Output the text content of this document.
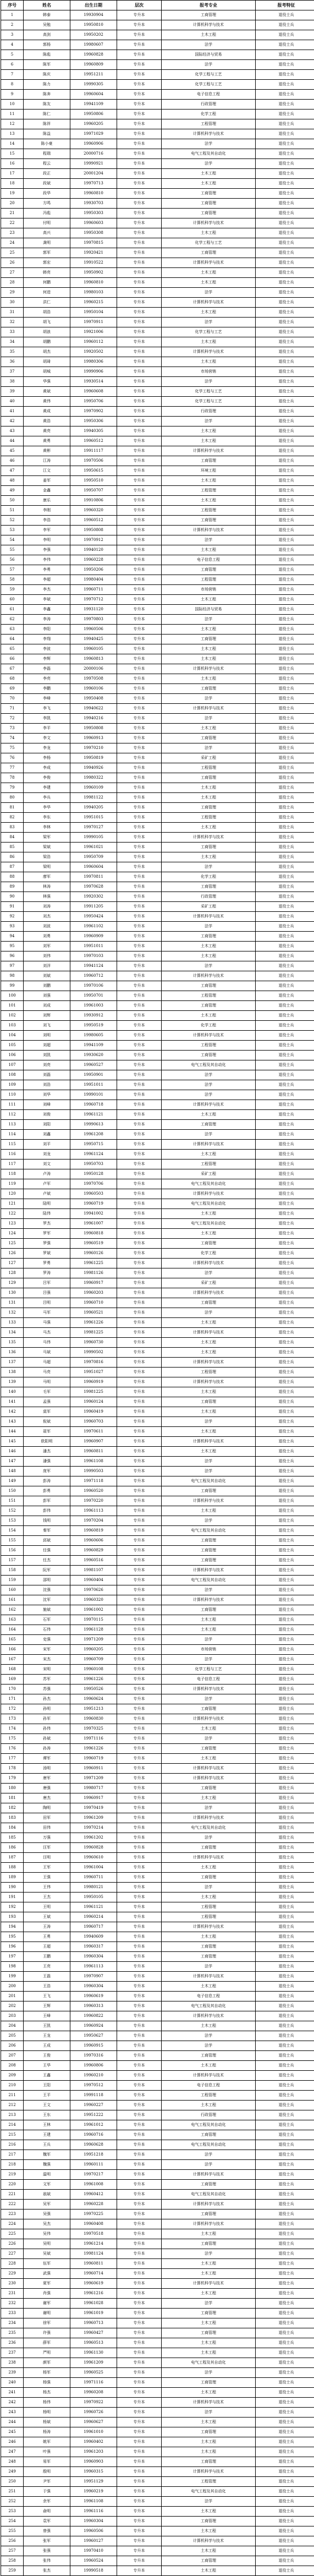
序号	姓名	出生日期	层次	报考专业	报考特征
1	韩泰	19930904	专升本	工商管理	退役士兵
2	吴勉	19950810	专升本	计算机科学与技术	退役士兵
3	高剑	19950202	专升本	土木工程	退役士兵
4	郭杨	19980607	专升本	法学	退役士兵
5	陈彪	19960828	专升本	国际经济与贸易	退役士兵
6	陈军	19960809	专升本	法学	退役士兵
7	陈庆	19951211	专升本	化学工程与工艺	退役士兵
8	陈力	19990305	专升本	化学工程与工艺	退役士兵
9	陈奔	19960604	专升本	电子信息工程	退役士兵
10	陈友	19941109	专升本	行政管理	退役士兵
11	陈仁	19950806	专升本	化学工程	退役士兵
12	陈祥	19960205	专升本	工程管理	退役士兵
13	陈益	19971029	专升本	计算机科学与技术	退役士兵
14	陈小豪	19960906	专升本	法学	退役士兵
15	程瑞	20000716	专升本	电气工程及其自动化	退役士兵
16	程云	19990921	专升本	法学	退役士兵
17	段正	20001204	专升本	土木工程	退役士兵
18	段斌	19970713	专升本	土木工程	退役士兵
19	段华	19960810	专升本	工商管理	退役士兵
20	方鸣	19930703	专升本	工商管理	退役士兵
21	冯彪	19950303	专升本	工商管理	退役士兵
22	付明	19960603	专升本	计算机科学与技术	退役士兵
23	高兴	19950308	专升本	土木工程	退役士兵
24	龚明	19970815	专升本	化学工程与工艺	退役士兵
25	郭军	19920421	专升本	工商管理	退役士兵
26	郭宏	19910522	专升本	计算机科学与技术	退役士兵
27	韩亮	19950902	专升本	土木工程	退役士兵
28	何鹏	19960810	专升本	土木工程	退役士兵
29	何进	19980103	专升本	法学	退役士兵
30	洪仁	19960215	专升本	计算机科学与技术	退役士兵
31	胡浩	19950104	专升本	土木工程	退役士兵
32	胡飞	19970911	专升本	法学	退役士兵
33	胡浪	19921006	专升本	化学工程与工艺	退役士兵
34	胡鹏	19960112	专升本	土木工程	退役士兵
35	胡杰	19920502	专升本	计算机科学与技术	退役士兵
36	胡琦	19980306	专升本	土木工程	退役士兵
37	胡城	19990906	专升本	市场营销	退役士兵
38	华强	19930514	专升本	法学	退役士兵
39	黄斌	19960608	专升本	化学工程与工艺	退役士兵
40	黄伟	19950706	专升本	化学工程与工艺	退役士兵
41	黄成	19970902	专升本	行政管理	退役士兵
42	黄浩	19950306	专升本	法学	退役士兵
43	黄亮	19940305	专升本	土木工程	退役士兵
44	黄勇	19960512	专升本	土木工程	退役士兵
45	黄彬	19911117	专升本	计算机科学与技术	退役士兵
46	江涛	19970506	专升本	工商管理	退役士兵
47	江文	19950615	专升本	环境工程	退役士兵
48	姜军	19950510	专升本	土木工程	退役士兵
49	金鑫	19950707	专升本	工程管理	退役士兵
50	康乐	19910806	专升本	土木工程	退役士兵
51	李刚	19960320	专升本	工程管理	退役士兵
52	李浩	19960512	专升本	工商管理	退役士兵
53	李军	19950808	专升本	计算机科学与技术	退役士兵
54	李明	19970912	专升本	法学	退役士兵
55	李强	19940120	专升本	土木工程	退役士兵
56	李伟	19960228	专升本	电子信息工程	退役士兵
57	李勇	19950206	专升本	工商管理	退役士兵
58	李超	19980404	专升本	工程管理	退役士兵
59	李杰	19960711	专升本	市场营销	退役士兵
60	李斌	19970712	专升本	土木工程	退役士兵
61	李鑫	19931120	专升本	国际经济与贸易	退役士兵
62	李涛	19970803	专升本	法学	退役士兵
63	李阳	19960506	专升本	土木工程	退役士兵
64	李翔	19940425	专升本	工商管理	退役士兵
65	李波	19960105	专升本	土木工程	退役士兵
66	李辉	19960813	专升本	土木工程	退役士兵
67	李磊	20000106	专升本	计算机科学与技术	退役士兵
68	李亮	19970508	专升本	土木工程	退役士兵
69	李鹏	19960106	专升本	工商管理	退役士兵
70	李峰	19950408	专升本	法学	退役士兵
71	李飞	19940622	专升本	计算机科学与技术	退役士兵
72	李凯	19940216	专升本	法学	退役士兵
73	李平	19950808	专升本	土木工程	退役士兵
74	李文	19960913	专升本	工商管理	退役士兵
75	李龙	19970210	专升本	法学	退役士兵
76	李杨	19950819	专升本	采矿工程	退役士兵
77	李成	19940926	专升本	工程管理	退役士兵
78	李俊	19980322	专升本	工商管理	退役士兵
79	李建	19960109	专升本	土木工程	退役士兵
80	李兵	19981122	专升本	土木工程	退役士兵
81	李华	19940205	专升本	工商管理	退役士兵
82	李东	19951015	专升本	工程管理	退役士兵
83	李林	19970127	专升本	土木工程	退役士兵
84	梁军	19990105	专升本	计算机科学与技术	退役士兵
85	梁斌	19961021	专升本	工商管理	退役士兵
86	梁浩	19950709	专升本	土木工程	退役士兵
87	梁明	19960604	专升本	法学	退役士兵
88	廖军	19970811	专升本	化学工程	退役士兵
89	林涛	19970628	专升本	工商管理	退役士兵
90	林强	19920302	专升本	行政管理	退役士兵
91	刘涛	19911205	专升本	采矿工程	退役士兵
92	刘杰	19950424	专升本	计算机科学与技术	退役士兵
93	刘波	19961102	专升本	法学	退役士兵
94	刘勇	19960909	专升本	工商管理	退役士兵
95	刘军	19951011	专升本	土木工程	退役士兵
96	刘伟	19970103	专升本	土木工程	退役士兵
97	刘洋	19941124	专升本	法学	退役士兵
98	刘斌	19960712	专升本	计算机科学与技术	退役士兵
99	刘鹏	19970106	专升本	工商管理	退役士兵
100	刘强	19950701	专升本	工程管理	退役士兵
101	刘成	19961003	专升本	工商管理	退役士兵
102	刘辉	19930912	专升本	土木工程	退役士兵
103	刘飞	19950519	专升本	化学工程	退役士兵
104	刘明	19980605	专升本	计算机科学与技术	退役士兵
105	刘超	19941109	专升本	工程管理	退役士兵
106	刘凯	19930620	专升本	工商管理	退役士兵
107	刘亮	19960527	专升本	电气工程及其自动化	退役士兵
108	刘磊	19950901	专升本	法学	退役士兵
109	刘浩	19951011	专升本	法学	退役士兵
110	刘华	19990101	专升本	法学	退役士兵
111	刘峰	19960718	专升本	计算机科学与技术	退役士兵
112	刘俊	19961121	专升本	土木工程	退役士兵
113	刘阳	19990613	专升本	工商管理	退役士兵
114	刘鑫	19961208	专升本	法学	退役士兵
115	刘平	19950715	专升本	计算机科学与技术	退役士兵
116	刘龙	19961124	专升本	土木工程	退役士兵
117	刘文	19950703	专升本	工程管理	退役士兵
118	卢涛	19950128	专升本	采矿工程	退役士兵
119	卢军	19970706	专升本	电气工程及其自动化	退役士兵
120	卢斌	19960503	专升本	计算机科学与技术	退役士兵
121	陆明	19960719	专升本	电气工程及其自动化	退役士兵
122	陆伟	19941002	专升本	土木工程	退役士兵
123	罗杰	19961007	专升本	电气工程及其自动化	退役士兵
124	罗军	19960818	专升本	土木工程	退役士兵
125	罗强	19960519	专升本	工商管理	退役士兵
126	罗斌	19960126	专升本	化学工程	退役士兵
127	罗勇	19961225	专升本	计算机科学与技术	退役士兵
128	罗涛	19981126	专升本	法学	退役士兵
129	吕军	19960917	专升本	采矿工程	退役士兵
130	吕强	19960203	专升本	计算机科学与技术	退役士兵
131	吕明	19960710	专升本	工商管理	退役士兵
132	马军	19960521	专升本	法学	退役士兵
133	马强	19961226	专升本	土木工程	退役士兵
134	马杰	19981225	专升本	计算机科学与技术	退役士兵
135	马伟	19960730	专升本	土木工程	退役士兵
136	马斌	19990502	专升本	土木工程	退役士兵
137	马超	19970816	专升本	计算机科学与技术	退役士兵
138	马亮	19951027	专升本	工程管理	退役士兵
139	马明	19960919	专升本	计算机科学与技术	退役士兵
140	毛军	19981225	专升本	土木工程	退役士兵
141	孟强	19960124	专升本	工商管理	退役士兵
142	莫军	19960419	专升本	土木工程	退役士兵
143	倪斌	19960703	专升本	法学	退役士兵
144	聂军	19970611	专升本	土木工程	退役士兵
145	欧阳明	19960907	专升本	计算机科学与技术	退役士兵
146	潘杰	19960811	专升本	土木工程	退役士兵
147	潘强	19961108	专升本	法学	退役士兵
148	庞军	19990503	专升本	法学	退役士兵
149	彭涛	19971118	专升本	电气工程及其自动化	退役士兵
150	彭勇	19960520	专升本	工商管理	退役士兵
151	彭军	19970220	专升本	计算机科学与技术	退役士兵
152	彭伟	19961113	专升本	土木工程	退役士兵
153	钱明	19970204	专升本	法学	退役士兵
154	秦军	19960819	专升本	电气工程及其自动化	退役士兵
155	邱斌	19960606	专升本	工商管理	退役士兵
156	任强	19960829	专升本	工商管理	退役士兵
157	任杰	19960516	专升本	工商管理	退役士兵
158	阮军	19981107	专升本	计算机科学与技术	退役士兵
159	邵明	19960404	专升本	电气工程及其自动化	退役士兵
160	沈强	19970626	专升本	法学	退役士兵
161	沈军	19960320	专升本	计算机科学与技术	退役士兵
162	施斌	19961002	专升本	工商管理	退役士兵
163	石军	19970115	专升本	土木工程	退役士兵
164	石伟	19961128	专升本	土木工程	退役士兵
165	史强	19971209	专升本	法学	退役士兵
166	宋军	19960205	专升本	市场营销	退役士兵
167	宋杰	19960709	专升本	法学	退役士兵
168	宋明	19960108	专升本	化学工程与工艺	退役士兵
169	苏军	19961226	专升本	电子信息工程	退役士兵
170	苏强	19950526	专升本	计算机科学与技术	退役士兵
171	孙杰	19960624	专升本	法学	退役士兵
172	孙明	19951213	专升本	工商管理	退役士兵
173	孙军	19960830	专升本	计算机科学与技术	退役士兵
174	孙伟	19970325	专升本	土木工程	退役士兵
175	孙斌	19971116	专升本	法学	退役士兵
176	孙涛	19961226	专升本	工商管理	退役士兵
177	谭军	19960719	专升本	土木工程	退役士兵
178	汤明	19960911	专升本	计算机科学与技术	退役士兵
179	唐军	19971209	专升本	计算机科学与技术	退役士兵
180	唐强	19980717	专升本	工商管理	退役士兵
181	唐杰	19960917	专升本	土木工程	退役士兵
182	陶明	19970419	专升本	法学	退役士兵
183	田军	19961209	专升本	计算机科学与技术	退役士兵
184	田伟	19970214	专升本	电气工程及其自动化	退役士兵
185	万强	19961202	专升本	法学	退役士兵
186	汪军	19960828	专升本	工商管理	退役士兵
187	汪明	19960610	专升本	计算机科学与技术	退役士兵
188	王军	19961004	专升本	土木工程	退役士兵
189	王强	19960711	专升本	工商管理	退役士兵
190	王伟	19980121	专升本	法学	退役士兵
191	王杰	19950105	专升本	土木工程	退役士兵
192	王明	19961121	专升本	工程管理	退役士兵
193	王斌	19960214	专升本	工程管理	退役士兵
194	王涛	19960717	专升本	计算机科学与技术	退役士兵
195	王勇	19940609	专升本	土木工程	退役士兵
196	王超	19960317	专升本	工商管理	退役士兵
197	王鹏	19960304	专升本	工商管理	退役士兵
198	王亮	19961113	专升本	法学	退役士兵
199	王磊	19970907	专升本	计算机科学与技术	退役士兵
200	王浩	19960304	专升本	土木工程	退役士兵
201	王飞	19960619	专升本	电子信息工程	退役士兵
202	王辉	19960313	专升本	电气工程及其自动化	退役士兵
203	王峰	19960822	专升本	计算机科学与技术	退役士兵
204	王凯	19960924	专升本	土木工程	退役士兵
205	王龙	19950627	专升本	法学	退役士兵
206	王成	19960915	专升本	法学	退役士兵
207	王俊	19970316	专升本	工商管理	退役士兵
208	王华	19960806	专升本	土木工程	退役士兵
209	王鑫	19960210	专升本	计算机科学与技术	退役士兵
210	王阳	19970512	专升本	电子信息工程	退役士兵
211	王平	19991118	专升本	工程管理	退役士兵
212	王文	19960227	专升本	土木工程	退役士兵
213	王东	19951222	专升本	行政管理	退役士兵
214	王林	19961012	专升本	电气工程及其自动化	退役士兵
215	王建	19960716	专升本	工商管理	退役士兵
216	王兵	19960628	专升本	电气工程及其自动化	退役士兵
217	魏军	19951218	专升本	法学	退役士兵
218	魏强	19960111	专升本	法学	退役士兵
219	温明	19970217	专升本	计算机科学与技术	退役士兵
220	文军	19961008	专升本	工商管理	退役士兵
221	翁斌	19960412	专升本	电气工程及其自动化	退役士兵
222	吴军	19960228	专升本	计算机科学与技术	退役士兵
223	吴强	19970225	专升本	工商管理	退役士兵
224	吴杰	19960408	专升本	计算机科学与技术	退役士兵
225	吴伟	19970518	专升本	土木工程	退役士兵
226	吴明	19961214	专升本	工商管理	退役士兵
227	吴斌	19981124	专升本	法学	退役士兵
228	伍军	19960811	专升本	土木工程	退役士兵
229	武强	19960714	专升本	土木工程	退役士兵
230	夏军	19960619	专升本	计算机科学与技术	退役士兵
231	肖强	19961216	专升本	土木工程	退役士兵
232	谢军	19961028	专升本	法学	退役士兵
233	谢明	19961019	专升本	工商管理	退役士兵
234	徐军	19960713	专升本	土木工程	退役士兵
235	许强	19960427	专升本	工商管理	退役士兵
236	薛军	19960513	专升本	土木工程	退役士兵
237	严明	19961130	专升本	土木工程	退役士兵
238	颜军	19961209	专升本	电气工程及其自动化	退役士兵
239	杨军	19960525	专升本	法学	退役士兵
240	杨强	19971116	专升本	工商管理	退役士兵
241	杨杰	19960208	专升本	土木工程	退役士兵
242	杨伟	19970922	专升本	计算机科学与技术	退役士兵
243	杨明	19960726	专升本	法学	退役士兵
244	杨斌	19960627	专升本	土木工程	退役士兵
245	杨涛	19961010	专升本	工商管理	退役士兵
246	姚军	19960402	专升本	土木工程	退役士兵
247	叶强	19961203	专升本	土木工程	退役士兵
248	易军	19960903	专升本	工商管理	退役士兵
249	殷明	19960315	专升本	计算机科学与技术	退役士兵
250	尹军	19951129	专升本	工程管理	退役士兵
251	于强	19960219	专升本	电气工程及其自动化	退役士兵
252	余军	19961108	专升本	法学	退役士兵
253	俞明	19961116	专升本	土木工程	退役士兵
254	袁军	19960304	专升本	工商管理	退役士兵
255	曾强	19960506	专升本	土木工程	退役士兵
256	张军	19960127	专升本	计算机科学与技术	退役士兵
257	张强	19970410	专升本	土木工程	退役士兵
258	张伟	19960524	专升本	工商管理	退役士兵
259	张杰	19990518	专升本	土木工程	退役士兵
